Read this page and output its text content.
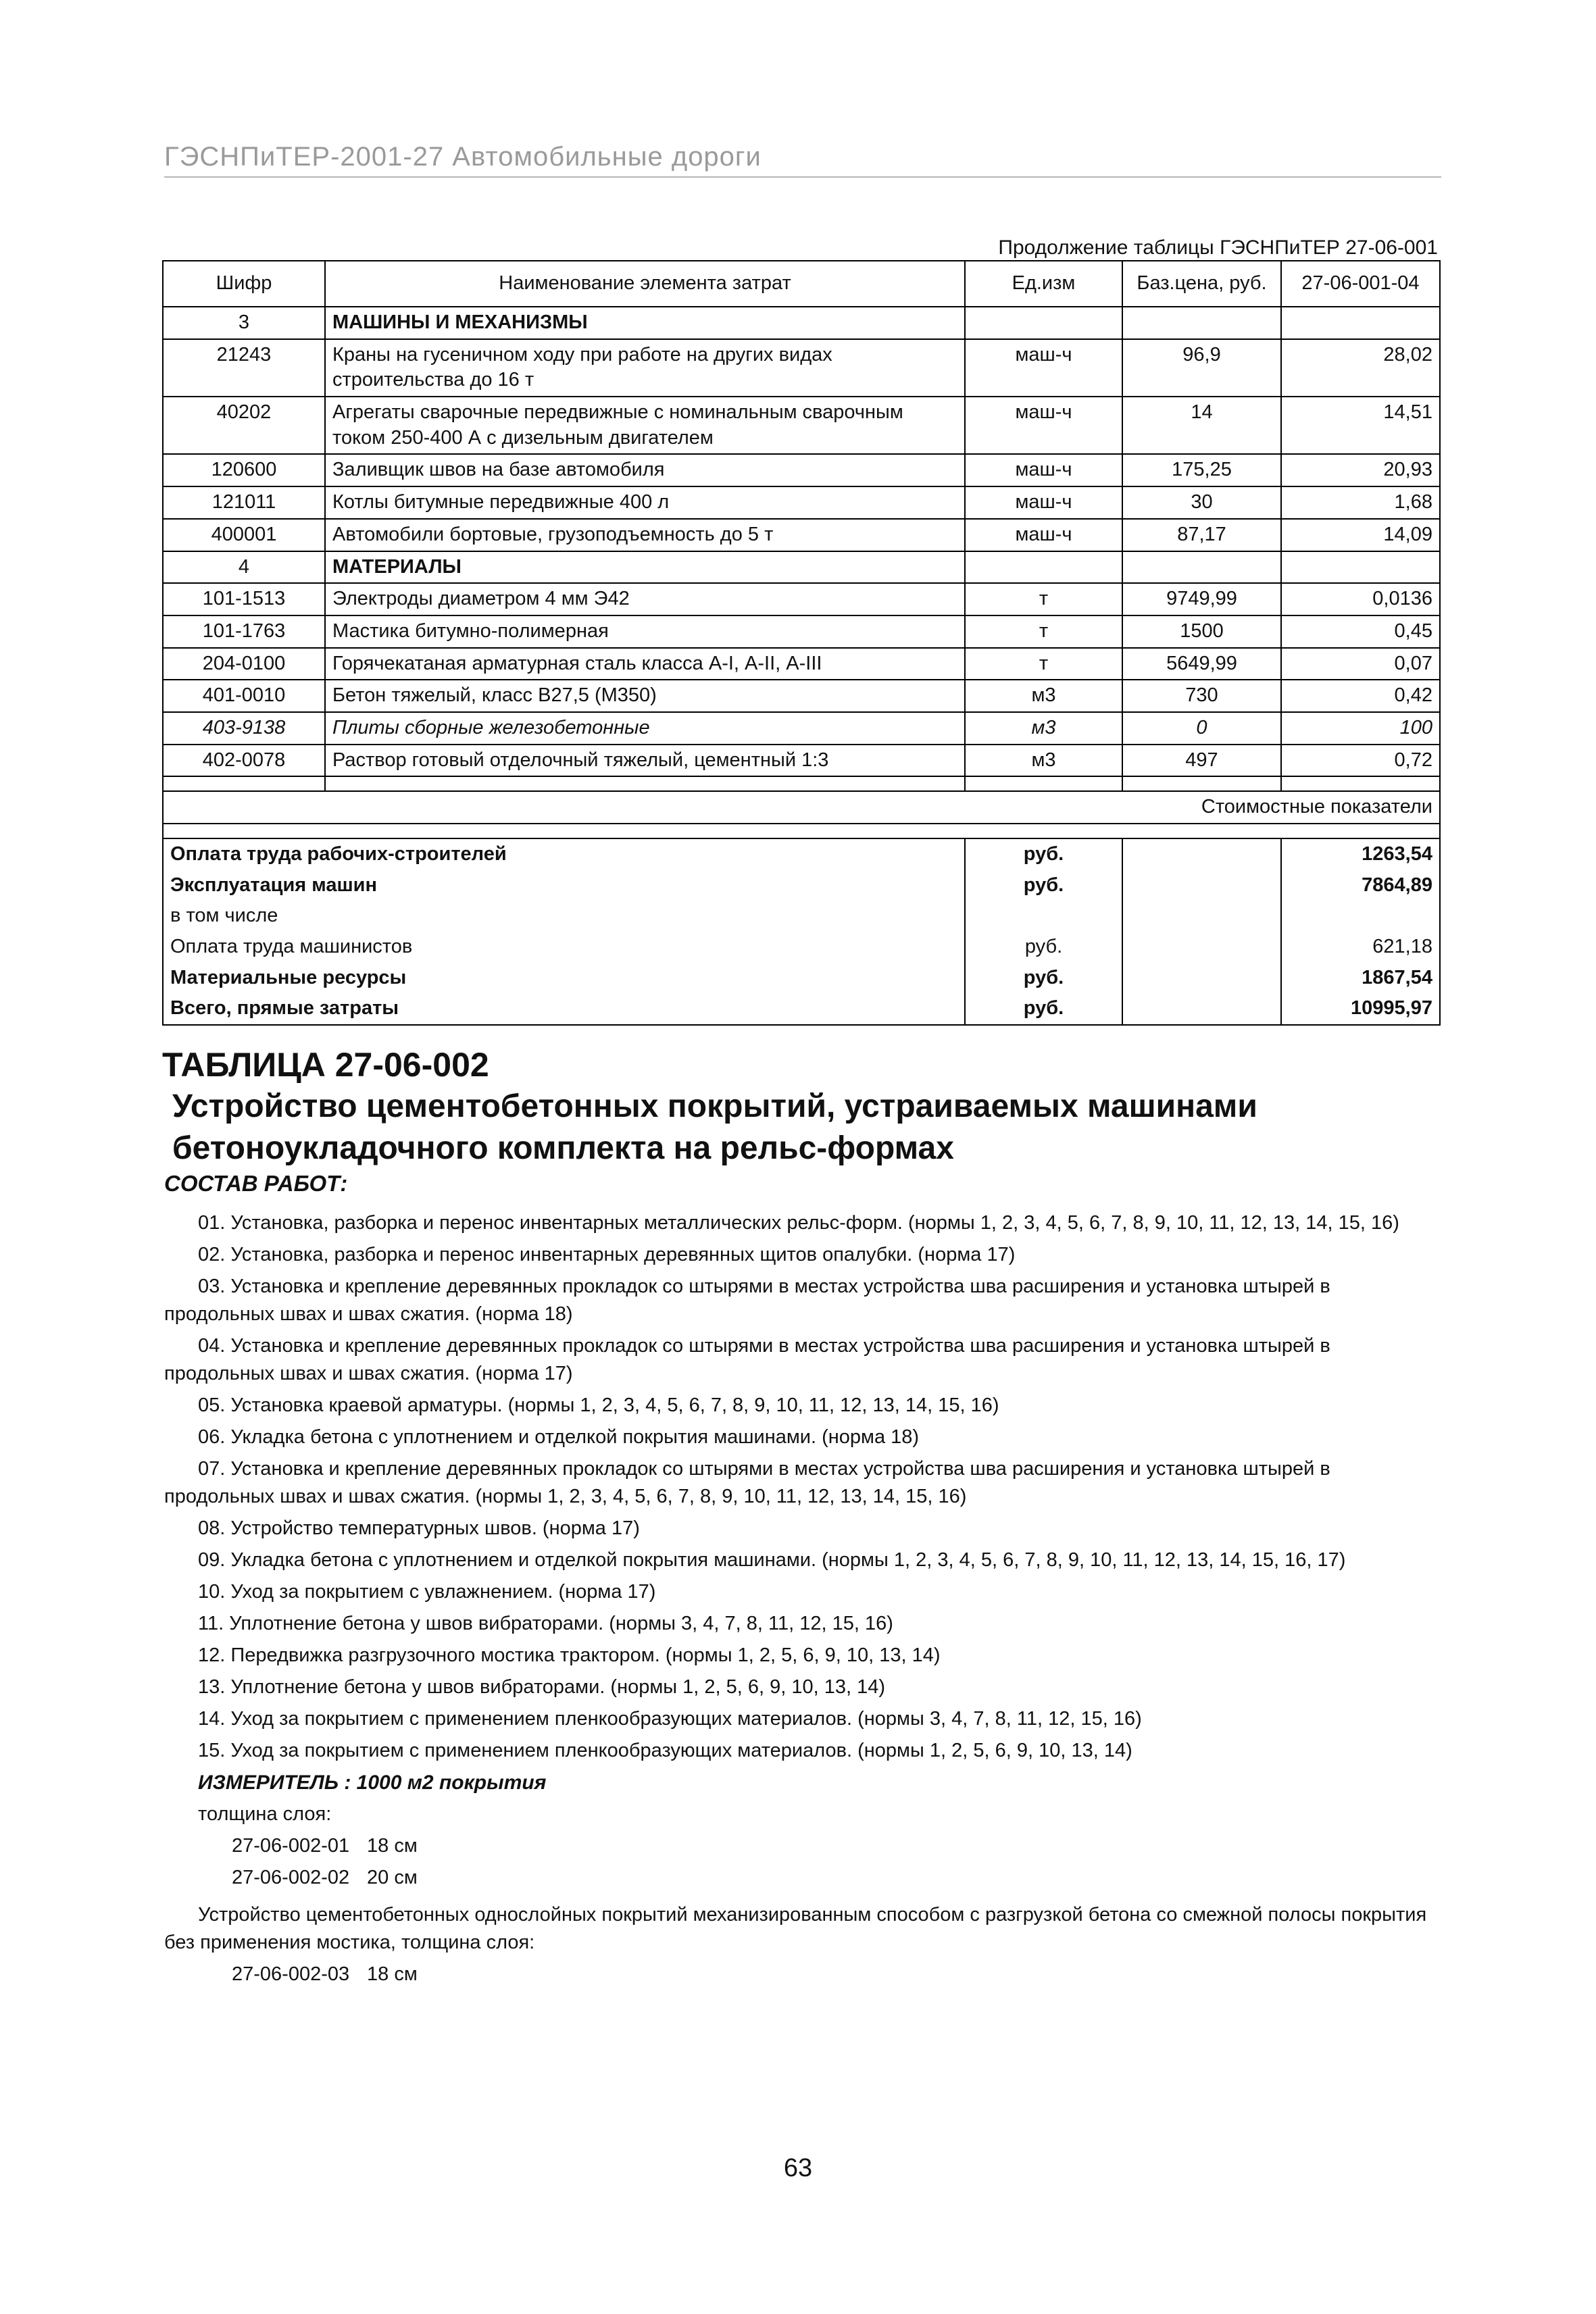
ГЭСНПиТЕР-2001-27 Автомобильные дороги
Продолжение таблицы ГЭСНПиТЕР 27-06-001
Шифр	Наименование элемента затрат	Ед.изм	Баз.цена, руб.	27-06-001-04
3	МАШИНЫ И МЕХАНИЗМЫ			
21243	Краны на гусеничном ходу при работе на других видах строительства до 16 т	маш-ч	96,9	28,02
40202	Агрегаты сварочные передвижные с номинальным сварочным током 250-400 А с дизельным двигателем	маш-ч	14	14,51
120600	Заливщик швов на базе автомобиля	маш-ч	175,25	20,93
121011	Котлы битумные передвижные 400 л	маш-ч	30	1,68
400001	Автомобили бортовые, грузоподъемность до 5 т	маш-ч	87,17	14,09
4	МАТЕРИАЛЫ			
101-1513	Электроды диаметром 4 мм Э42	т	9749,99	0,0136
101-1763	Мастика битумно-полимерная	т	1500	0,45
204-0100	Горячекатаная арматурная сталь класса А-I, А-II, А-III	т	5649,99	0,07
401-0010	Бетон тяжелый, класс В27,5 (М350)	м3	730	0,42
403-9138	Плиты сборные железобетонные	м3	0	100
402-0078	Раствор готовый отделочный тяжелый, цементный 1:3	м3	497	0,72

Стоимостные показатели				

Оплата труда рабочих-строителей		руб.		1263,54
Эксплуатация машин		руб.		7864,89
в том числе				
Оплата труда машинистов		руб.		621,18
Материальные ресурсы		руб.		1867,54
Всего, прямые затраты		руб.		10995,97
ТАБЛИЦА 27-06-002
Устройство цементобетонных покрытий, устраиваемых машинами бетоноукладочного комплекта на рельс-формах
СОСТАВ РАБОТ:

01. Установка, разборка и перенос инвентарных металлических рельс-форм. (нормы 1, 2, 3, 4, 5, 6, 7, 8, 9, 10, 11, 12, 13, 14, 15, 16)

02. Установка, разборка и перенос инвентарных деревянных щитов опалубки. (норма 17)

03. Установка и крепление деревянных прокладок со штырями в местах устройства шва расширения и установка штырей в продольных швах и швах сжатия. (норма 18)

04. Установка и крепление деревянных прокладок со штырями в местах устройства шва расширения и установка штырей в продольных швах и швах сжатия. (норма 17)

05. Установка краевой арматуры. (нормы 1, 2, 3, 4, 5, 6, 7, 8, 9, 10, 11, 12, 13, 14, 15, 16)

06. Укладка бетона с уплотнением и отделкой покрытия машинами. (норма 18)

07. Установка и крепление деревянных прокладок со штырями в местах устройства шва расширения и установка штырей в продольных швах и швах сжатия. (нормы 1, 2, 3, 4, 5, 6, 7, 8, 9, 10, 11, 12, 13, 14, 15, 16)

08. Устройство температурных швов. (норма 17)

09. Укладка бетона с уплотнением и отделкой покрытия машинами. (нормы 1, 2, 3, 4, 5, 6, 7, 8, 9, 10, 11, 12, 13, 14, 15, 16, 17)

10. Уход за покрытием с увлажнением. (норма 17)

11. Уплотнение бетона у швов вибраторами. (нормы 3, 4, 7, 8, 11, 12, 15, 16)

12. Передвижка разгрузочного мостика трактором. (нормы 1, 2, 5, 6, 9, 10, 13, 14)

13. Уплотнение бетона у швов вибраторами. (нормы 1, 2, 5, 6, 9, 10, 13, 14)

14. Уход за покрытием с применением пленкообразующих материалов. (нормы 3, 4, 7, 8, 11, 12, 15, 16)

15. Уход за покрытием с применением пленкообразующих материалов. (нормы 1, 2, 5, 6, 9, 10, 13, 14)

ИЗМЕРИТЕЛЬ : 1000 м2 покрытия

толщина слоя:

27-06-002-01 18 см

27-06-002-02 20 см

Устройство цементобетонных однослойных покрытий механизированным способом с разгрузкой бетона со смежной полосы покрытия без применения мостика, толщина слоя:

27-06-002-03 18 см

63
